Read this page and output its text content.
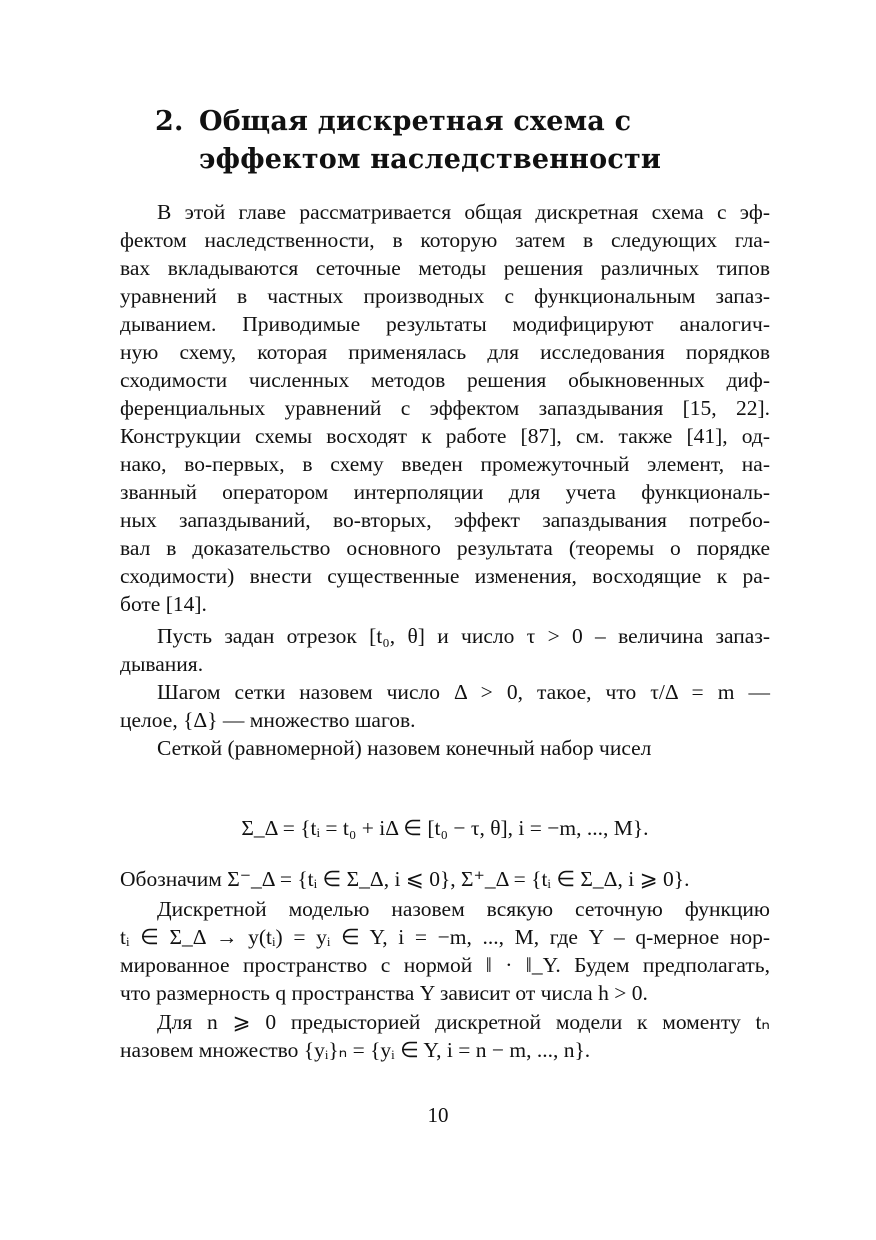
2. Общая дискретная схема с эффектом наследственности
В этой главе рассматривается общая дискретная схема с эф-
фектом наследственности, в которую затем в следующих гла-
вах вкладываются сеточные методы решения различных типов
уравнений в частных производных с функциональным запаз-
дыванием. Приводимые результаты модифицируют аналогич-
ную схему, которая применялась для исследования порядков
сходимости численных методов решения обыкновенных диф-
ференциальных уравнений с эффектом запаздывания [15, 22].
Конструкции схемы восходят к работе [87], см. также [41], од-
нако, во-первых, в схему введен промежуточный элемент, на-
званный оператором интерполяции для учета функциональ-
ных запаздываний, во-вторых, эффект запаздывания потребо-
вал в доказательство основного результата (теоремы о порядке
сходимости) внести существенные изменения, восходящие к ра-
боте [14].
Пусть задан отрезок [t₀, θ] и число τ > 0 – величина запаз-
дывания.
Шагом сетки назовем число Δ > 0, такое, что τ/Δ = m —
целое, {Δ} — множество шагов.
Сеткой (равномерной) назовем конечный набор чисел
Σ_Δ = {tᵢ = t₀ + iΔ ∈ [t₀ − τ, θ], i = −m, ..., M}.
Обозначим Σ⁻_Δ = {tᵢ ∈ Σ_Δ, i ⩽ 0}, Σ⁺_Δ = {tᵢ ∈ Σ_Δ, i ⩾ 0}.
Дискретной моделью назовем всякую сеточную функцию
tᵢ ∈ Σ_Δ → y(tᵢ) = yᵢ ∈ Y, i = −m, ..., M, где Y – q-мерное нор-
мированное пространство с нормой ‖ · ‖_Y. Будем предполагать,
что размерность q пространства Y зависит от числа h > 0.
Для n ⩾ 0 предысторией дискретной модели к моменту tₙ
назовем множество {yᵢ}ₙ = {yᵢ ∈ Y, i = n − m, ..., n}.
10
